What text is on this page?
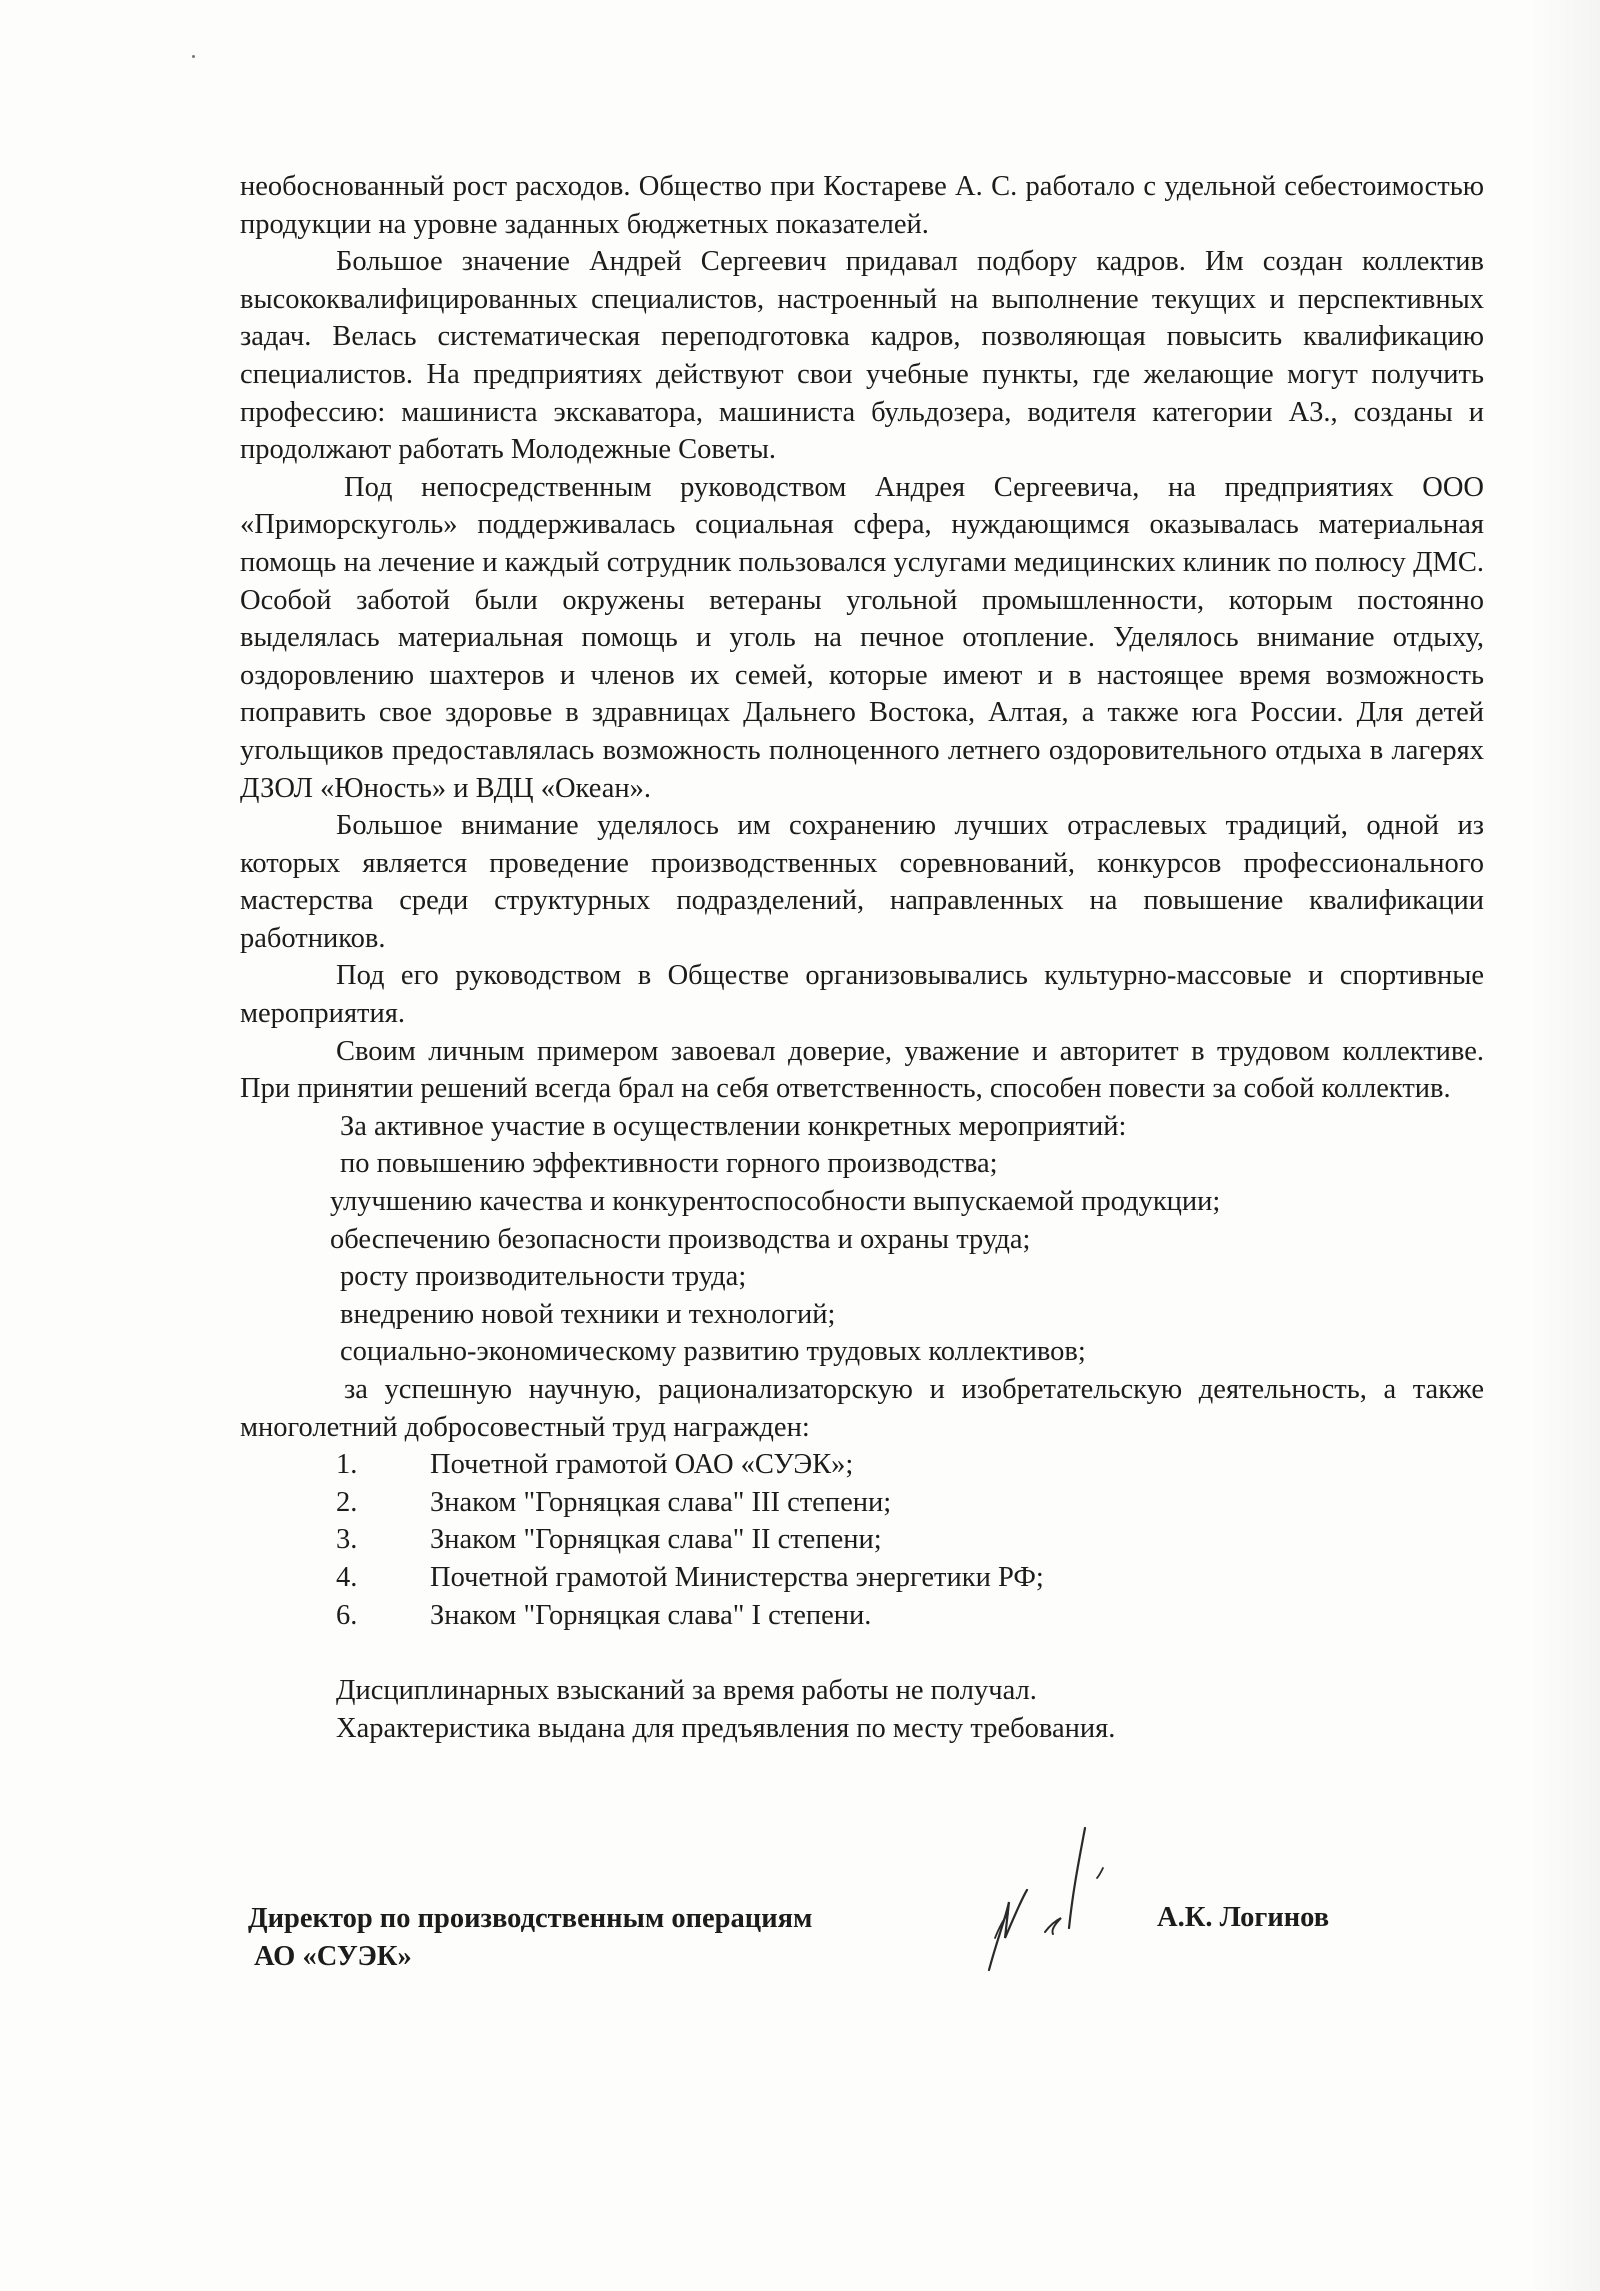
необоснованный рост расходов. Общество при Костареве А. С. работало с удельной себестоимостью продукции на уровне заданных бюджетных показателей.

Большое значение Андрей Сергеевич придавал подбору кадров. Им создан коллектив высококвалифицированных специалистов, настроенный на выполнение текущих и перспективных задач. Велась систематическая переподготовка кадров, позволяющая повысить квалификацию специалистов. На предприятиях действуют свои учебные пункты, где желающие могут получить профессию: машиниста экскаватора, машиниста бульдозера, водителя категории А3., созданы и продолжают работать Молодежные Советы.

Под непосредственным руководством Андрея Сергеевича, на предприятиях ООО «Приморскуголь» поддерживалась социальная сфера, нуждающимся оказывалась материальная помощь на лечение и каждый сотрудник пользовался услугами медицинских клиник по полюсу ДМС. Особой заботой были окружены ветераны угольной промышленности, которым постоянно выделялась материальная помощь и уголь на печное отопление. Уделялось внимание отдыху, оздоровлению шахтеров и членов их семей, которые имеют и в настоящее время возможность поправить свое здоровье в здравницах Дальнего Востока, Алтая, а также юга России. Для детей угольщиков предоставлялась возможность полноценного летнего оздоровительного отдыха в лагерях ДЗОЛ «Юность» и ВДЦ «Океан».

Большое внимание уделялось им сохранению лучших отраслевых традиций, одной из которых является проведение производственных соревнований, конкурсов профессионального мастерства среди структурных подразделений, направленных на повышение квалификации работников.

Под его руководством в Обществе организовывались культурно-массовые и спортивные мероприятия.

Своим личным примером завоевал доверие, уважение и авторитет в трудовом коллективе. При принятии решений всегда брал на себя ответственность, способен повести за собой коллектив.

За активное участие в осуществлении конкретных мероприятий:

по повышению эффективности горного производства;

улучшению качества и конкурентоспособности выпускаемой продукции;

обеспечению безопасности производства и охраны труда;

росту производительности труда;

внедрению новой техники и технологий;

социально-экономическому развитию трудовых коллективов;

за успешную научную, рационализаторскую и изобретательскую деятельность, а также многолетний добросовестный труд награжден:

1.	Почетной грамотой ОАО «СУЭК»;
2.	Знаком "Горняцкая слава" III степени;
3.	Знаком "Горняцкая слава" II степени;
4.	Почетной грамотой Министерства энергетики РФ;
6.	Знаком "Горняцкая слава" I степени.

Дисциплинарных взысканий за время работы не получал.

Характеристика выдана для предъявления по месту требования.

Директор по производственным операциям
АО «СУЭК»
А.К. Логинов
